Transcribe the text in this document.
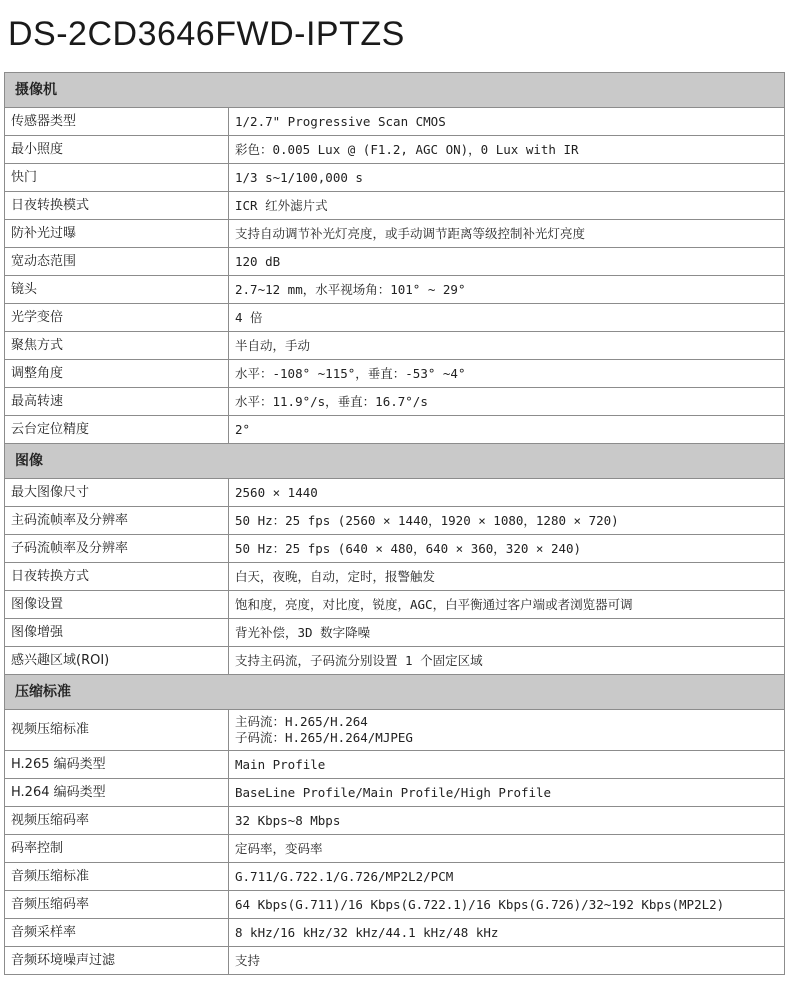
DS-2CD3646FWD-IPTZS
摄像机	
传感器类型	1/2.7" Progressive Scan CMOS

最小照度	彩色：0.005 Lux @ (F1.2, AGC ON)，0 Lux with IR

快门	1/3 s~1/100,000 s

日夜转换模式	ICR 红外滤片式

防补光过曝	支持自动调节补光灯亮度，或手动调节距离等级控制补光灯亮度

宽动态范围	120 dB

镜头	2.7~12 mm，水平视场角：101° ~ 29°

光学变倍	4 倍

聚焦方式	半自动，手动

调整角度	水平：-108° ~115°，垂直：-53° ~4°

最高转速	水平：11.9°/s，垂直：16.7°/s

云台定位精度	2°

图像	
最大图像尺寸	2560 × 1440

主码流帧率及分辨率	50 Hz：25 fps (2560 × 1440，1920 × 1080，1280 × 720)

子码流帧率及分辨率	50 Hz：25 fps (640 × 480，640 × 360，320 × 240)

日夜转换方式	白天，夜晚，自动，定时，报警触发

图像设置	饱和度，亮度，对比度，锐度，AGC，白平衡通过客户端或者浏览器可调

图像增强	背光补偿，3D 数字降噪

感兴趣区域(ROI)	支持主码流，子码流分别设置 1 个固定区域

压缩标准	
视频压缩标准	主码流：H.265/H.264
子码流：H.265/H.264/MJPEG

H.265 编码类型	Main Profile

H.264 编码类型	BaseLine Profile/Main Profile/High Profile

视频压缩码率	32 Kbps~8 Mbps

码率控制	定码率，变码率

音频压缩标准	G.711/G.722.1/G.726/MP2L2/PCM

音频压缩码率	64 Kbps(G.711)/16 Kbps(G.722.1)/16 Kbps(G.726)/32~192 Kbps(MP2L2)

音频采样率	8 kHz/16 kHz/32 kHz/44.1 kHz/48 kHz

音频环境噪声过滤	支持
